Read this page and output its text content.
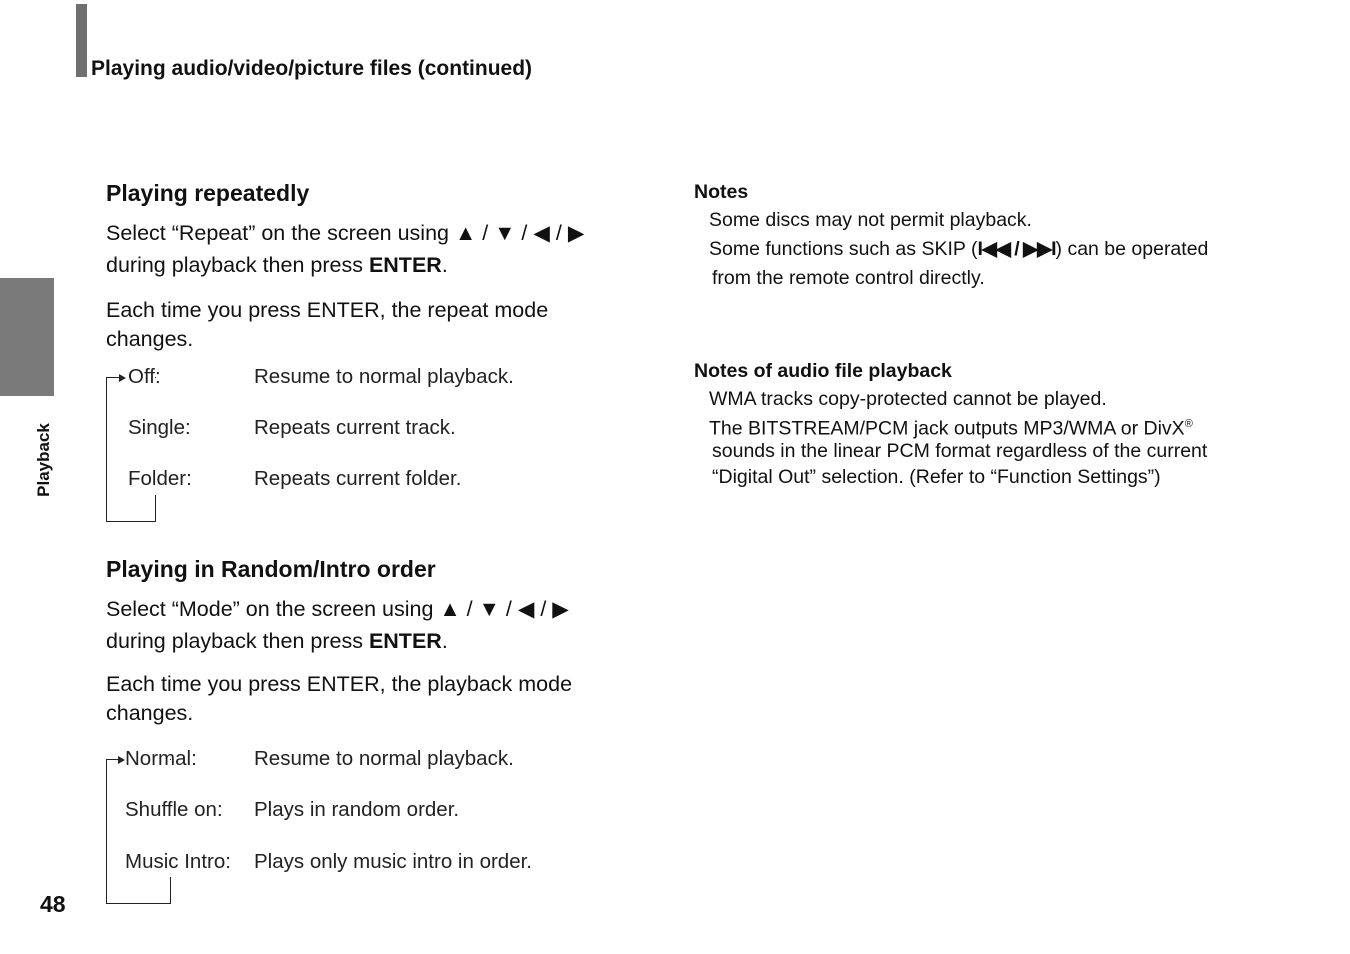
Playing audio/video/picture files (continued)
Playback
48
Playing repeatedly
Select “Repeat” on the screen using ▲ / ▼ / ◀ / ▶
during playback then press ENTER.
Each time you press ENTER, the repeat mode
changes.
Off:	Resume to normal playback.
Single:	Repeats current track.
Folder:	Repeats current folder.
Playing in Random/Intro order
Select “Mode” on the screen using ▲ / ▼ / ◀ / ▶
during playback then press ENTER.
Each time you press ENTER, the playback mode
changes.
Normal:	Resume to normal playback.
Shuffle on: Plays in random order.
Music Intro: Plays only music intro in order.
Notes
Some discs may not permit playback.
Some functions such as SKIP (I◀◀ / ▶▶I) can be operated
from the remote control directly.
Notes of audio file playback
WMA tracks copy-protected cannot be played.
The BITSTREAM/PCM jack outputs MP3/WMA or DivX®
sounds in the linear PCM format regardless of the current
“Digital Out” selection. (Refer to “Function Settings”)
